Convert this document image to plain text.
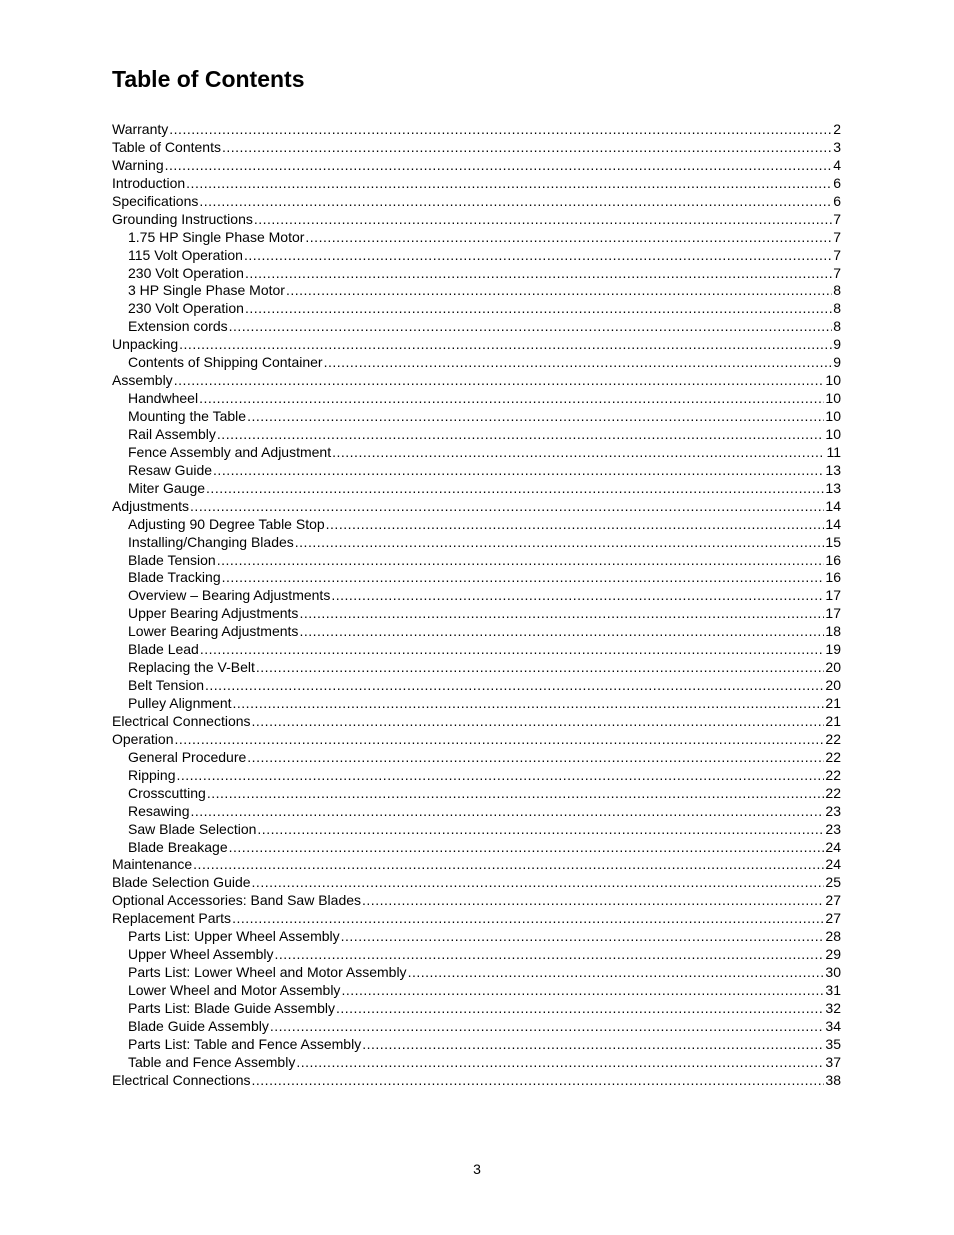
Table of Contents
Warranty .....	2
Table of Contents .....	3
Warning .....	4
Introduction .....	6
Specifications .....	6
Grounding Instructions .....	7
1.75 HP Single Phase Motor .....	7
115 Volt Operation .....	7
230 Volt Operation .....	7
3 HP Single Phase Motor .....	8
230 Volt Operation .....	8
Extension cords .....	8
Unpacking .....	9
Contents of Shipping Container .....	9
Assembly .....	10
Handwheel .....	10
Mounting the Table .....	10
Rail Assembly .....	10
Fence Assembly and Adjustment .....	11
Resaw Guide .....	13
Miter Gauge .....	13
Adjustments .....	14
Adjusting 90 Degree Table Stop .....	14
Installing/Changing Blades .....	15
Blade Tension .....	16
Blade Tracking .....	16
Overview – Bearing Adjustments .....	17
Upper Bearing Adjustments .....	17
Lower Bearing Adjustments .....	18
Blade Lead .....	19
Replacing the V-Belt .....	20
Belt Tension .....	20
Pulley Alignment .....	21
Electrical Connections .....	21
Operation .....	22
General Procedure .....	22
Ripping .....	22
Crosscutting .....	22
Resawing .....	23
Saw Blade Selection .....	23
Blade Breakage .....	24
Maintenance .....	24
Blade Selection Guide .....	25
Optional Accessories: Band Saw Blades .....	27
Replacement Parts .....	27
Parts List: Upper Wheel Assembly .....	28
Upper Wheel Assembly .....	29
Parts List: Lower Wheel and Motor Assembly .....	30
Lower Wheel and Motor Assembly .....	31
Parts List: Blade Guide Assembly .....	32
Blade Guide Assembly .....	34
Parts List: Table and Fence Assembly .....	35
Table and Fence Assembly .....	37
Electrical Connections .....	38
3
